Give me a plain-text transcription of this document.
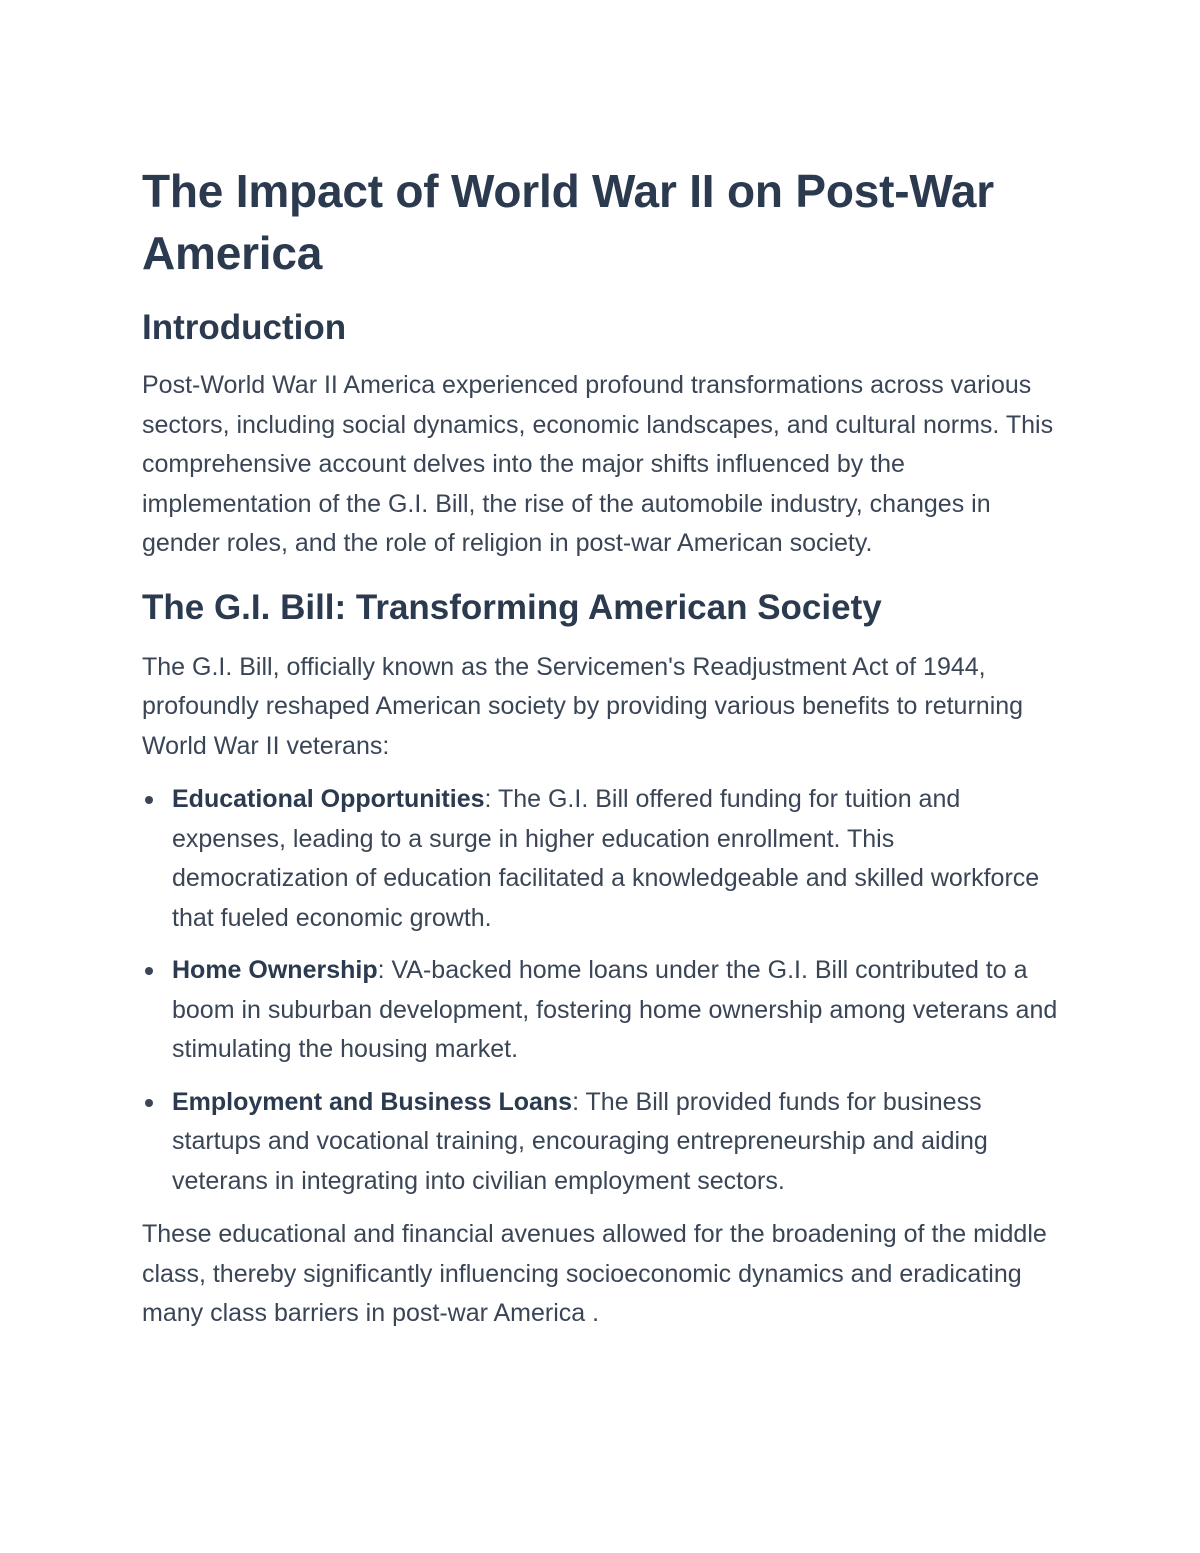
The Impact of World War II on Post-War America
Introduction

Post-World War II America experienced profound transformations across various sectors, including social dynamics, economic landscapes, and cultural norms. This comprehensive account delves into the major shifts influenced by the implementation of the G.I. Bill, the rise of the automobile industry, changes in gender roles, and the role of religion in post-war American society.

The G.I. Bill: Transforming American Society

The G.I. Bill, officially known as the Servicemen's Readjustment Act of 1944, profoundly reshaped American society by providing various benefits to returning World War II veterans:

Educational Opportunities: The G.I. Bill offered funding for tuition and expenses, leading to a surge in higher education enrollment. This democratization of education facilitated a knowledgeable and skilled workforce that fueled economic growth.
Home Ownership: VA-backed home loans under the G.I. Bill contributed to a boom in suburban development, fostering home ownership among veterans and stimulating the housing market.
Employment and Business Loans: The Bill provided funds for business startups and vocational training, encouraging entrepreneurship and aiding veterans in integrating into civilian employment sectors.

These educational and financial avenues allowed for the broadening of the middle class, thereby significantly influencing socioeconomic dynamics and eradicating many class barriers in post-war America .
